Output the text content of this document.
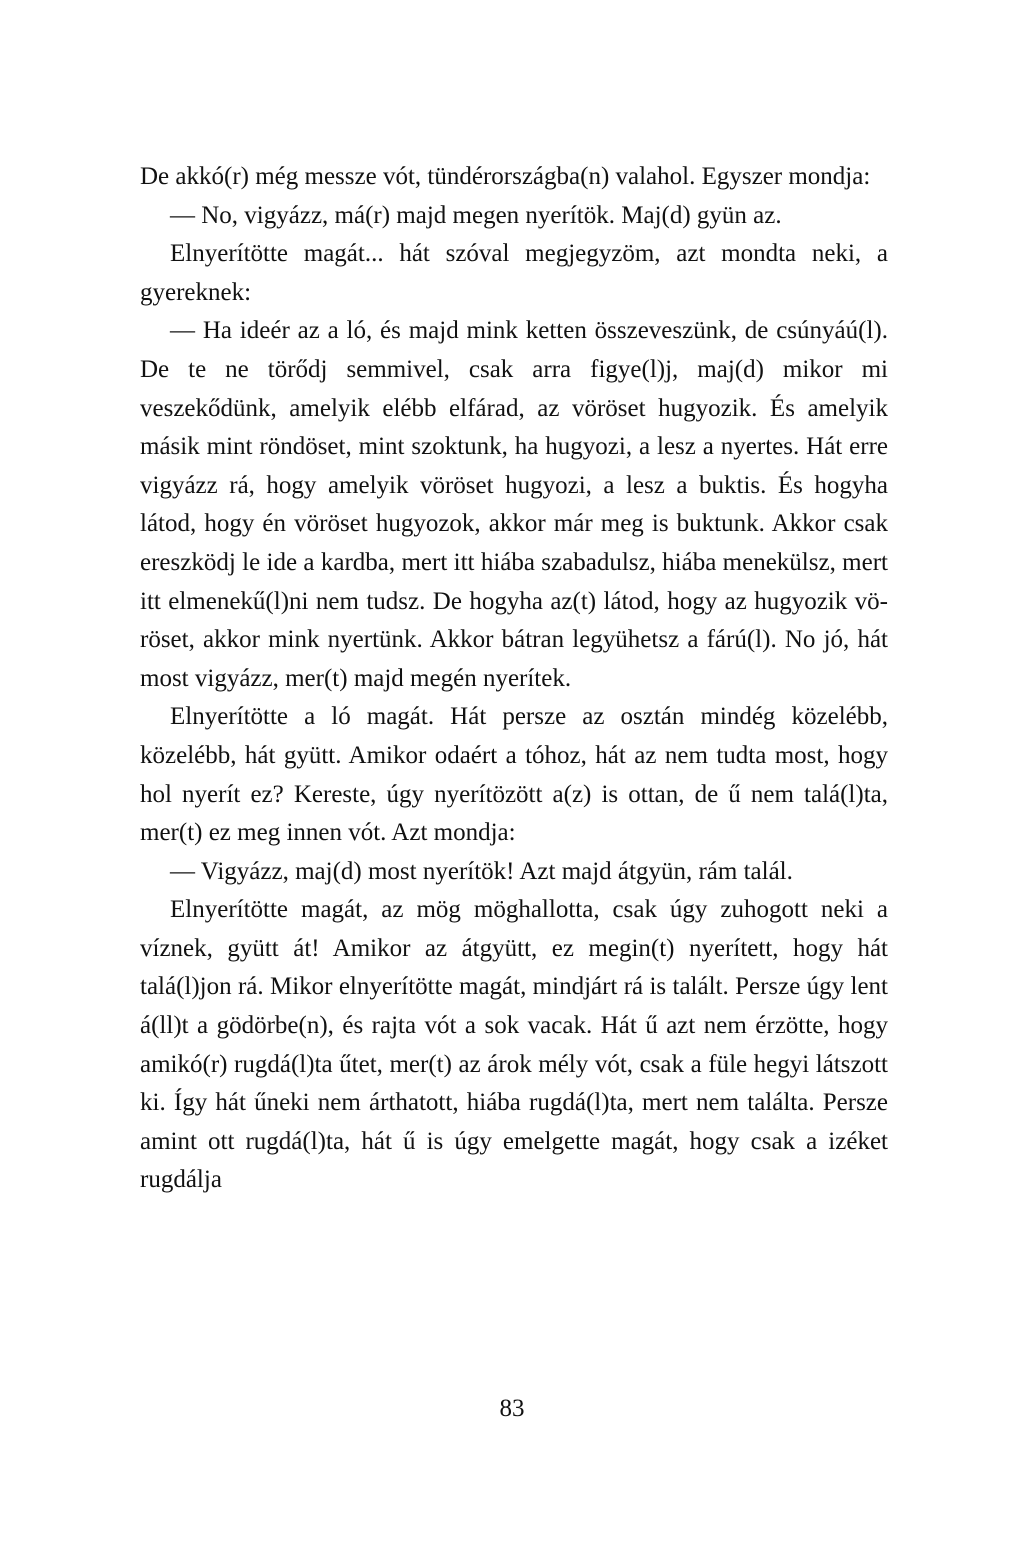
De akkó(r) még messze vót, tündérországba(n) valahol. Egyszer mondja:

— No, vigyázz, má(r) majd megen nyerítök. Maj(d) gyün az.

Elnyerítötte magát... hát szóval megjegyzöm, azt mondta neki, a gyereknek:

— Ha ideér az a ló, és majd mink ketten összeveszünk, de csúnyáú(l). De te ne törődj semmivel, csak arra figye(l)j, maj(d) mikor mi veszekődünk, amelyik elébb elfárad, az vöröset hugyozik. És amelyik másik mint röndöset, mint szoktunk, ha hugyozi, a lesz a nyertes. Hát erre vigyázz rá, hogy amelyik vöröset hugyozi, a lesz a buktis. És hogyha látod, hogy én vöröset hugyozok, akkor már meg is buktunk. Akkor csak ereszködj le ide a kardba, mert itt hiába szabadulsz, hiába menekülsz, mert itt elmenekű(l)ni nem tudsz. De hogyha az(t) látod, hogy az hugyozik vöröset, akkor mink nyertünk. Akkor bátran legyühetsz a fárú(l). No jó, hát most vigyázz, mer(t) majd megén nyerítek.

Elnyerítötte a ló magát. Hát persze az osztán mindég közelébb, közelébb, hát gyütt. Amikor odaért a tóhoz, hát az nem tudta most, hogy hol nyerít ez? Kereste, úgy nyerítözött a(z) is ottan, de ű nem talá(l)ta, mer(t) ez meg innen vót. Azt mondja:

— Vigyázz, maj(d) most nyerítök! Azt majd átgyün, rám talál.

Elnyerítötte magát, az mög möghallotta, csak úgy zuhogott neki a víznek, gyütt át! Amikor az átgyütt, ez megin(t) nyerített, hogy hát talá(l)jon rá. Mikor elnyerítötte magát, mindjárt rá is talált. Persze úgy lent á(ll)t a gödörbe(n), és rajta vót a sok vacak. Hát ű azt nem érzötte, hogy amikó(r) rugdá(l)ta űtet, mer(t) az árok mély vót, csak a füle hegyi látszott ki. Így hát űneki nem árthatott, hiába rugdá(l)ta, mert nem találta. Persze amint ott rugdá(l)ta, hát ű is úgy emelgette magát, hogy csak a izéket rugdálja

83
